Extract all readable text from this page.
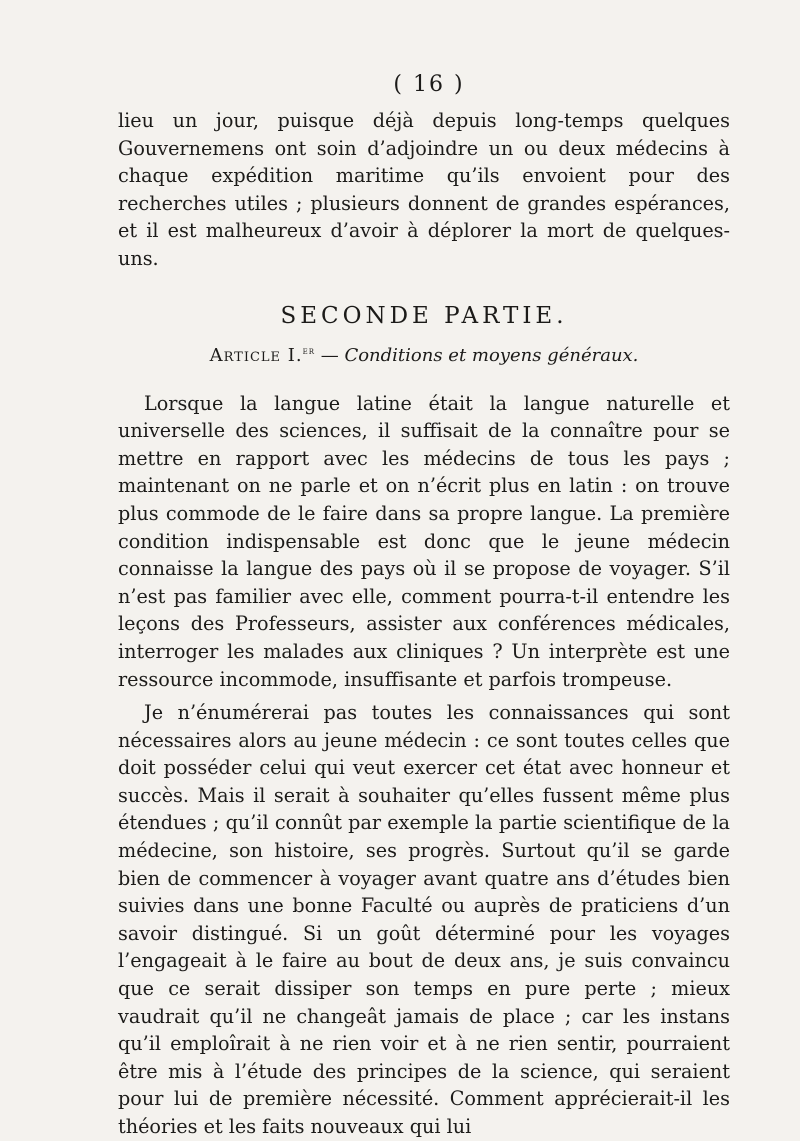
( 16 )

lieu un jour, puisque déjà depuis long-temps quelques Gouvernemens ont soin d’adjoindre un ou deux médecins à chaque expédition maritime qu’ils envoient pour des recherches utiles ; plusieurs donnent de grandes espérances, et il est malheureux d’avoir à déplorer la mort de quelques-uns.

SECONDE PARTIE.
Article I.$^{er}$ — Conditions et moyens généraux.

Lorsque la langue latine était la langue naturelle et universelle des sciences, il suffisait de la connaître pour se mettre en rapport avec les médecins de tous les pays ; maintenant on ne parle et on n’écrit plus en latin : on trouve plus commode de le faire dans sa propre langue. La première condition indispensable est donc que le jeune médecin connaisse la langue des pays où il se propose de voyager. S’il n’est pas familier avec elle, comment pourra-t-il entendre les leçons des Professeurs, assister aux conférences médicales, interroger les malades aux cliniques ? Un interprète est une ressource incommode, insuffisante et parfois trompeuse.

Je n’énumérerai pas toutes les connaissances qui sont nécessaires alors au jeune médecin : ce sont toutes celles que doit posséder celui qui veut exercer cet état avec honneur et succès. Mais il serait à souhaiter qu’elles fussent même plus étendues ; qu’il connût par exemple la partie scientifique de la médecine, son histoire, ses progrès. Surtout qu’il se garde bien de commencer à voyager avant quatre ans d’études bien suivies dans une bonne Faculté ou auprès de praticiens d’un savoir distingué. Si un goût déterminé pour les voyages l’engageait à le faire au bout de deux ans, je suis convaincu que ce serait dissiper son temps en pure perte ; mieux vaudrait qu’il ne changeât jamais de place ; car les instans qu’il emploîrait à ne rien voir et à ne rien sentir, pourraient être mis à l’étude des principes de la science, qui seraient pour lui de première nécessité. Comment apprécierait-il les théories et les faits nouveaux qui lui
